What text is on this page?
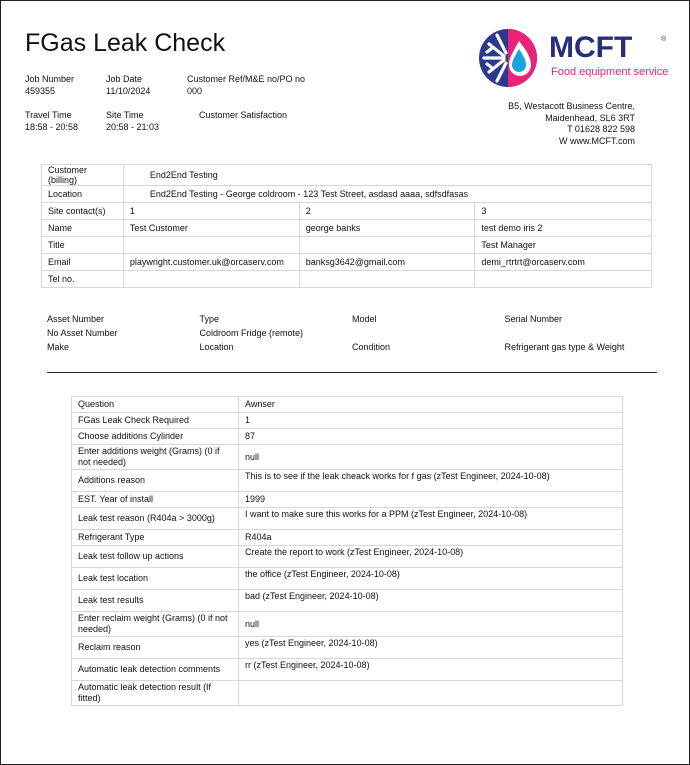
FGas Leak Check
Job Number
459355
Job Date
11/10/2024
Customer Ref/M&E no/PO no
000
Travel Time
18:58 - 20:58
Site Time
20:58 - 21:03
Customer Satisfaction
MCFT	®
Food equipment service
B5, Westacott Business Centre,
Maidenhead, SL6 3RT
T 01628 822 598
W www.MCFT.com
Customer (billing)	End2End Testing		
Location	End2End Testing - George coldroom - 123 Test Street, asdasd aaaa, sdfsdfasas		
Site contact(s)	1	2	3
Name	Test Customer	george banks	test demo iris 2
Title			Test Manager
Email	playwright.customer.uk@orcaserv.com	banksg3642@gmail.com	demi_rtrtrt@orcaserv.com
Tel no.			
Asset Number	Type	Model	Serial Number
No Asset Number	Coldroom Fridge (remote)
Make	Location	Condition	Refrigerant gas type & Weight
Question	Awnser
FGas Leak Check Required	1
Choose additions Cylinder	87
Enter additions weight (Grams) (0 if not needed)	null
Additions reason	This is to see if the leak cheack works for f gas (zTest Engineer, 2024-10-08)
EST. Year of install	1999
Leak test reason (R404a > 3000g)	I want to make sure this works for a PPM (zTest Engineer, 2024-10-08)
Refrigerant Type	R404a
Leak test follow up actions	Create the report to work (zTest Engineer, 2024-10-08)
Leak test location	the office (zTest Engineer, 2024-10-08)
Leak test results	bad (zTest Engineer, 2024-10-08)
Enter reclaim weight (Grams) (0 if not needed)	null
Reclaim reason	yes (zTest Engineer, 2024-10-08)
Automatic leak detection comments	rr (zTest Engineer, 2024-10-08)
Automatic leak detection result (If fitted)	
